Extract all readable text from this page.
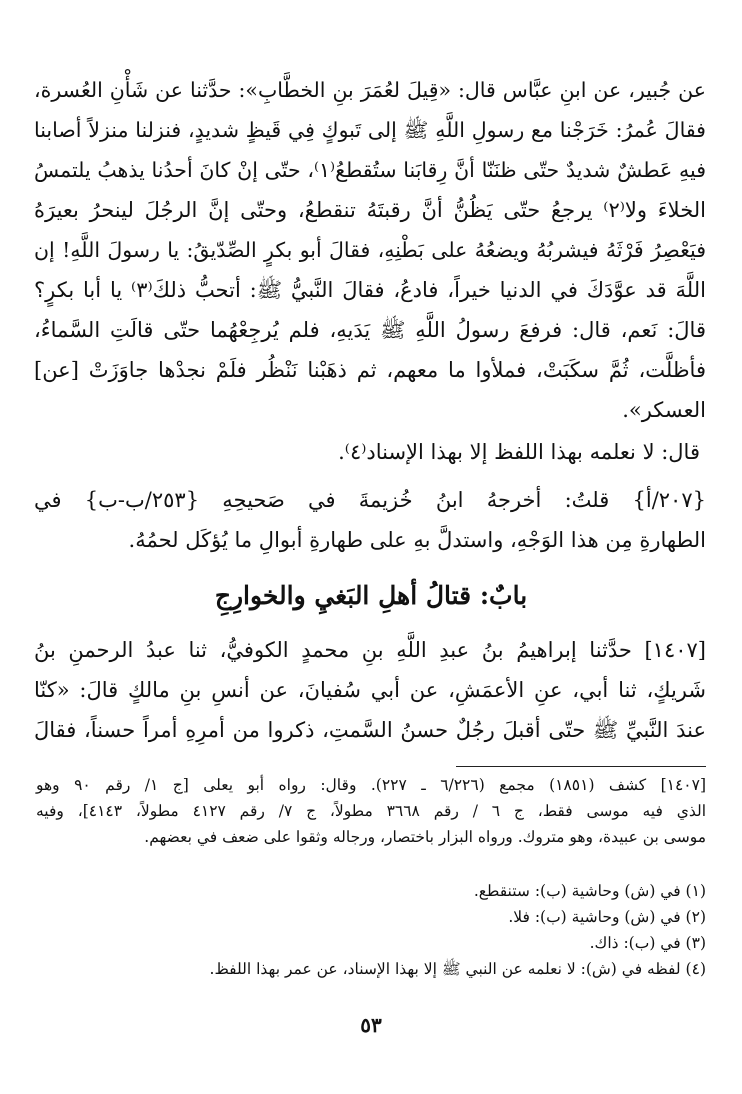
عن جُبير، عن ابنِ عبَّاس قال: «قِيلَ لعُمَرَ بنِ الخطَّابِ»: حدَّثنا عن شَأْنِ العُسرة،
فقالَ عُمرُ: خَرَجْنا مع رسولِ اللَّهِ ﷺ إلى تَبوكٍ فِي قَيظٍ شديدٍ، فنزلنا منزلاً أصابنا
فيهِ عَطشٌ شديدٌ حتّى ظنَنّا أنَّ رِقابَنا ستُقطعُ⁽١⁾، حتّى إنْ كانَ أحدُنا يذهبُ يلتمسُ
الخلاءَ ولا⁽٢⁾ يرجعُ حتّى يَظُنُّ أنَّ رقبتَهُ تنقطعُ، وحتّى إنَّ الرجُلَ لينحرُ بعيرَهُ
فيَعْصِرُ فَرْثَهُ فيشربُهُ ويضعُهُ على بَطْنِهِ، فقالَ أبو بكرٍ الصِّدّيقُ: يا رسولَ اللَّهِ! إن
اللَّهَ قد عوَّدَكَ في الدنيا خيراً، فادعُ، فقالَ النَّبيُّ ﷺ: أتحبُّ ذلكَ⁽٣⁾ يا أبا بكرٍ؟
قالَ: نَعم، قال: فرفعَ رسولُ اللَّهِ ﷺ يَدَيهِ، فلم يُرجِعْهُما حتّى قالَتِ السَّماءُ،
فأظلَّت، ثُمَّ سكَبَتْ، فملأوا ما معهم، ثم ذهَبْنا نَنْظُر فلَمْ نجدْها جاوَزَتْ [عن]
العسكر».
قال: لا نعلمه بهذا اللفظ إلا بهذا الإسناد⁽٤⁾.
{٢٠٧/أ} قلتُ: أخرجهُ ابنُ خُزيمةَ في صَحيحِهِ {٢٥٣/ب-ب} في
الطهارةِ مِن هذا الوَجْهِ، واستدلَّ بهِ على طهارةِ أبوالِ ما يُؤكَل لحمُهُ.
بابٌ: قتالُ أهلِ البَغيِ والخوارِجِ
[١٤٠٧] حدَّثنا إبراهيمُ بنُ عبدِ اللَّهِ بنِ محمدٍ الكوفيُّ، ثنا عبدُ الرحمنِ بنُ
شَريكٍ، ثنا أبي، عنِ الأعمَشِ، عن أبي سُفيانَ، عن أنسِ بنِ مالكٍ قالَ: «كنّا
عندَ النَّبيِّ ﷺ حتّى أقبلَ رجُلٌ حسنُ السَّمتِ، ذكروا من أمرِهِ أمراً حسناً، فقالَ
[١٤٠٧] كشف (١٨٥١) مجمع (٦/٢٢٦ ـ ٢٢٧). وقال: رواه أبو يعلى [ج ١/ رقم ٩٠ وهو
الذي فيه موسى فقط، ج ٦ / رقم ٣٦٦٨ مطولاً، ج ٧/ رقم ٤١٢٧ مطولاً، ٤١٤٣]، وفيه
موسى بن عبيدة، وهو متروك. ورواه البزار باختصار، ورجاله وثقوا على ضعف في بعضهم.
(١) في (ش) وحاشية (ب): ستنقطع.
(٢) في (ش) وحاشية (ب): فلا.
(٣) في (ب): ذاك.
(٤) لفظه في (ش): لا نعلمه عن النبي ﷺ إلا بهذا الإسناد، عن عمر بهذا اللفظ.
٥٣
